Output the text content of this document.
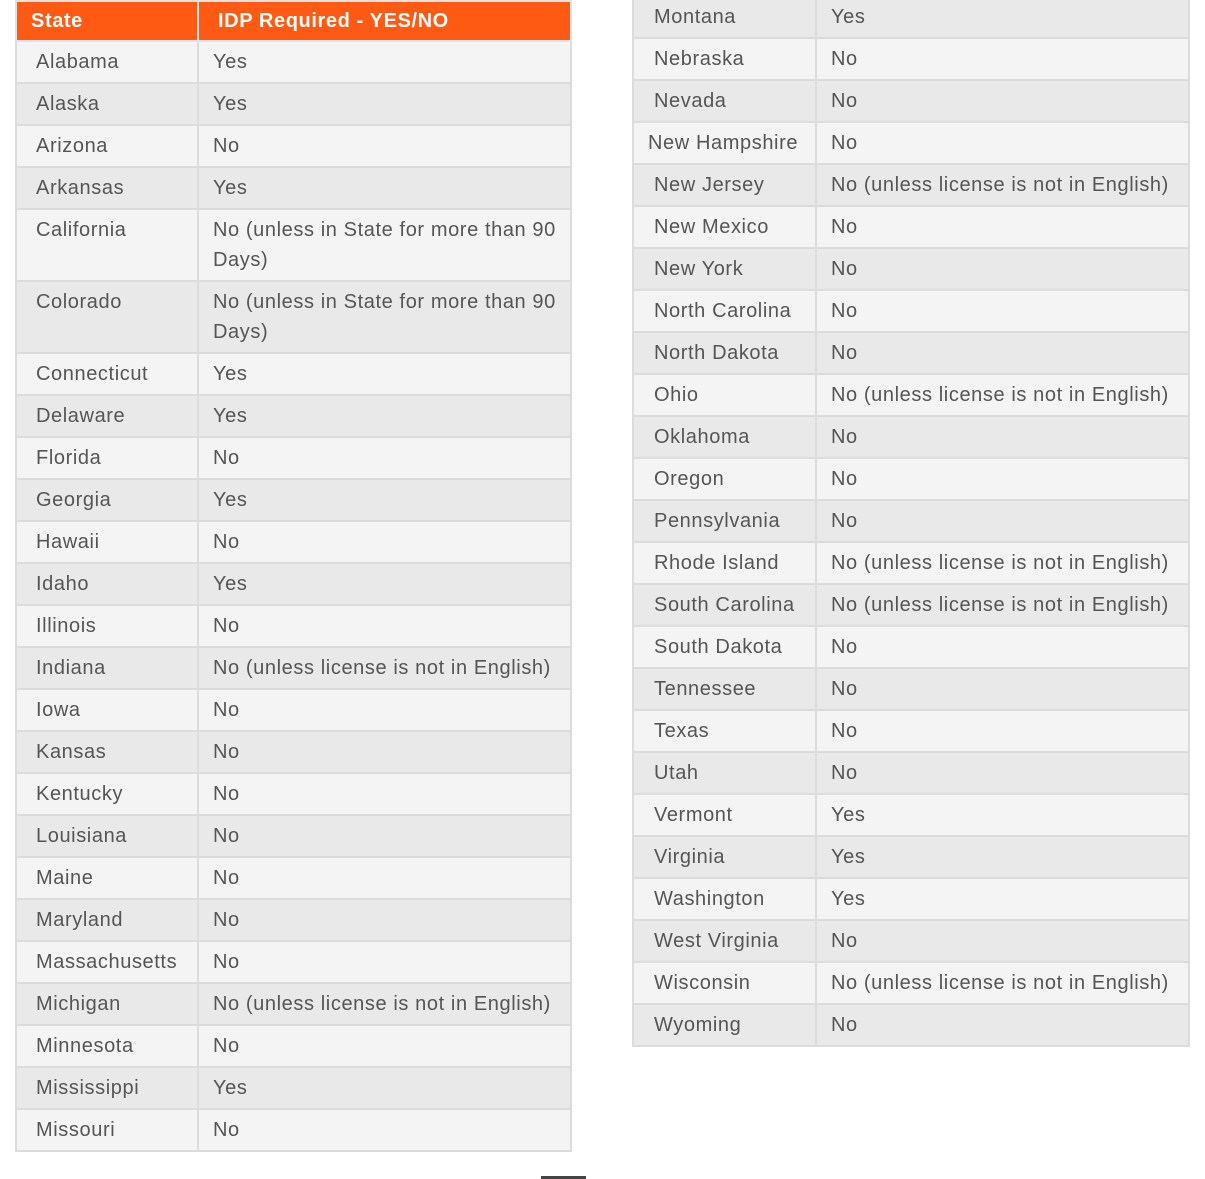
State	IDP Required - YES/NO
Alabama	Yes
Alaska	Yes
Arizona	No
Arkansas	Yes
California	No (unless in State for more than 90 Days)
Colorado	No (unless in State for more than 90 Days)
Connecticut	Yes
Delaware	Yes
Florida	No
Georgia	Yes
Hawaii	No
Idaho	Yes
Illinois	No
Indiana	No (unless license is not in English)
Iowa	No
Kansas	No
Kentucky	No
Louisiana	No
Maine	No
Maryland	No
Massachusetts	No
Michigan	No (unless license is not in English)
Minnesota	No
Mississippi	Yes
Missouri	No
Montana	Yes
Nebraska	No
Nevada	No
New Hampshire	No
New Jersey	No (unless license is not in English)
New Mexico	No
New York	No
North Carolina	No
North Dakota	No
Ohio	No (unless license is not in English)
Oklahoma	No
Oregon	No
Pennsylvania	No
Rhode Island	No (unless license is not in English)
South Carolina	No (unless license is not in English)
South Dakota	No
Tennessee	No
Texas	No
Utah	No
Vermont	Yes
Virginia	Yes
Washington	Yes
West Virginia	No
Wisconsin	No (unless license is not in English)
Wyoming	No
